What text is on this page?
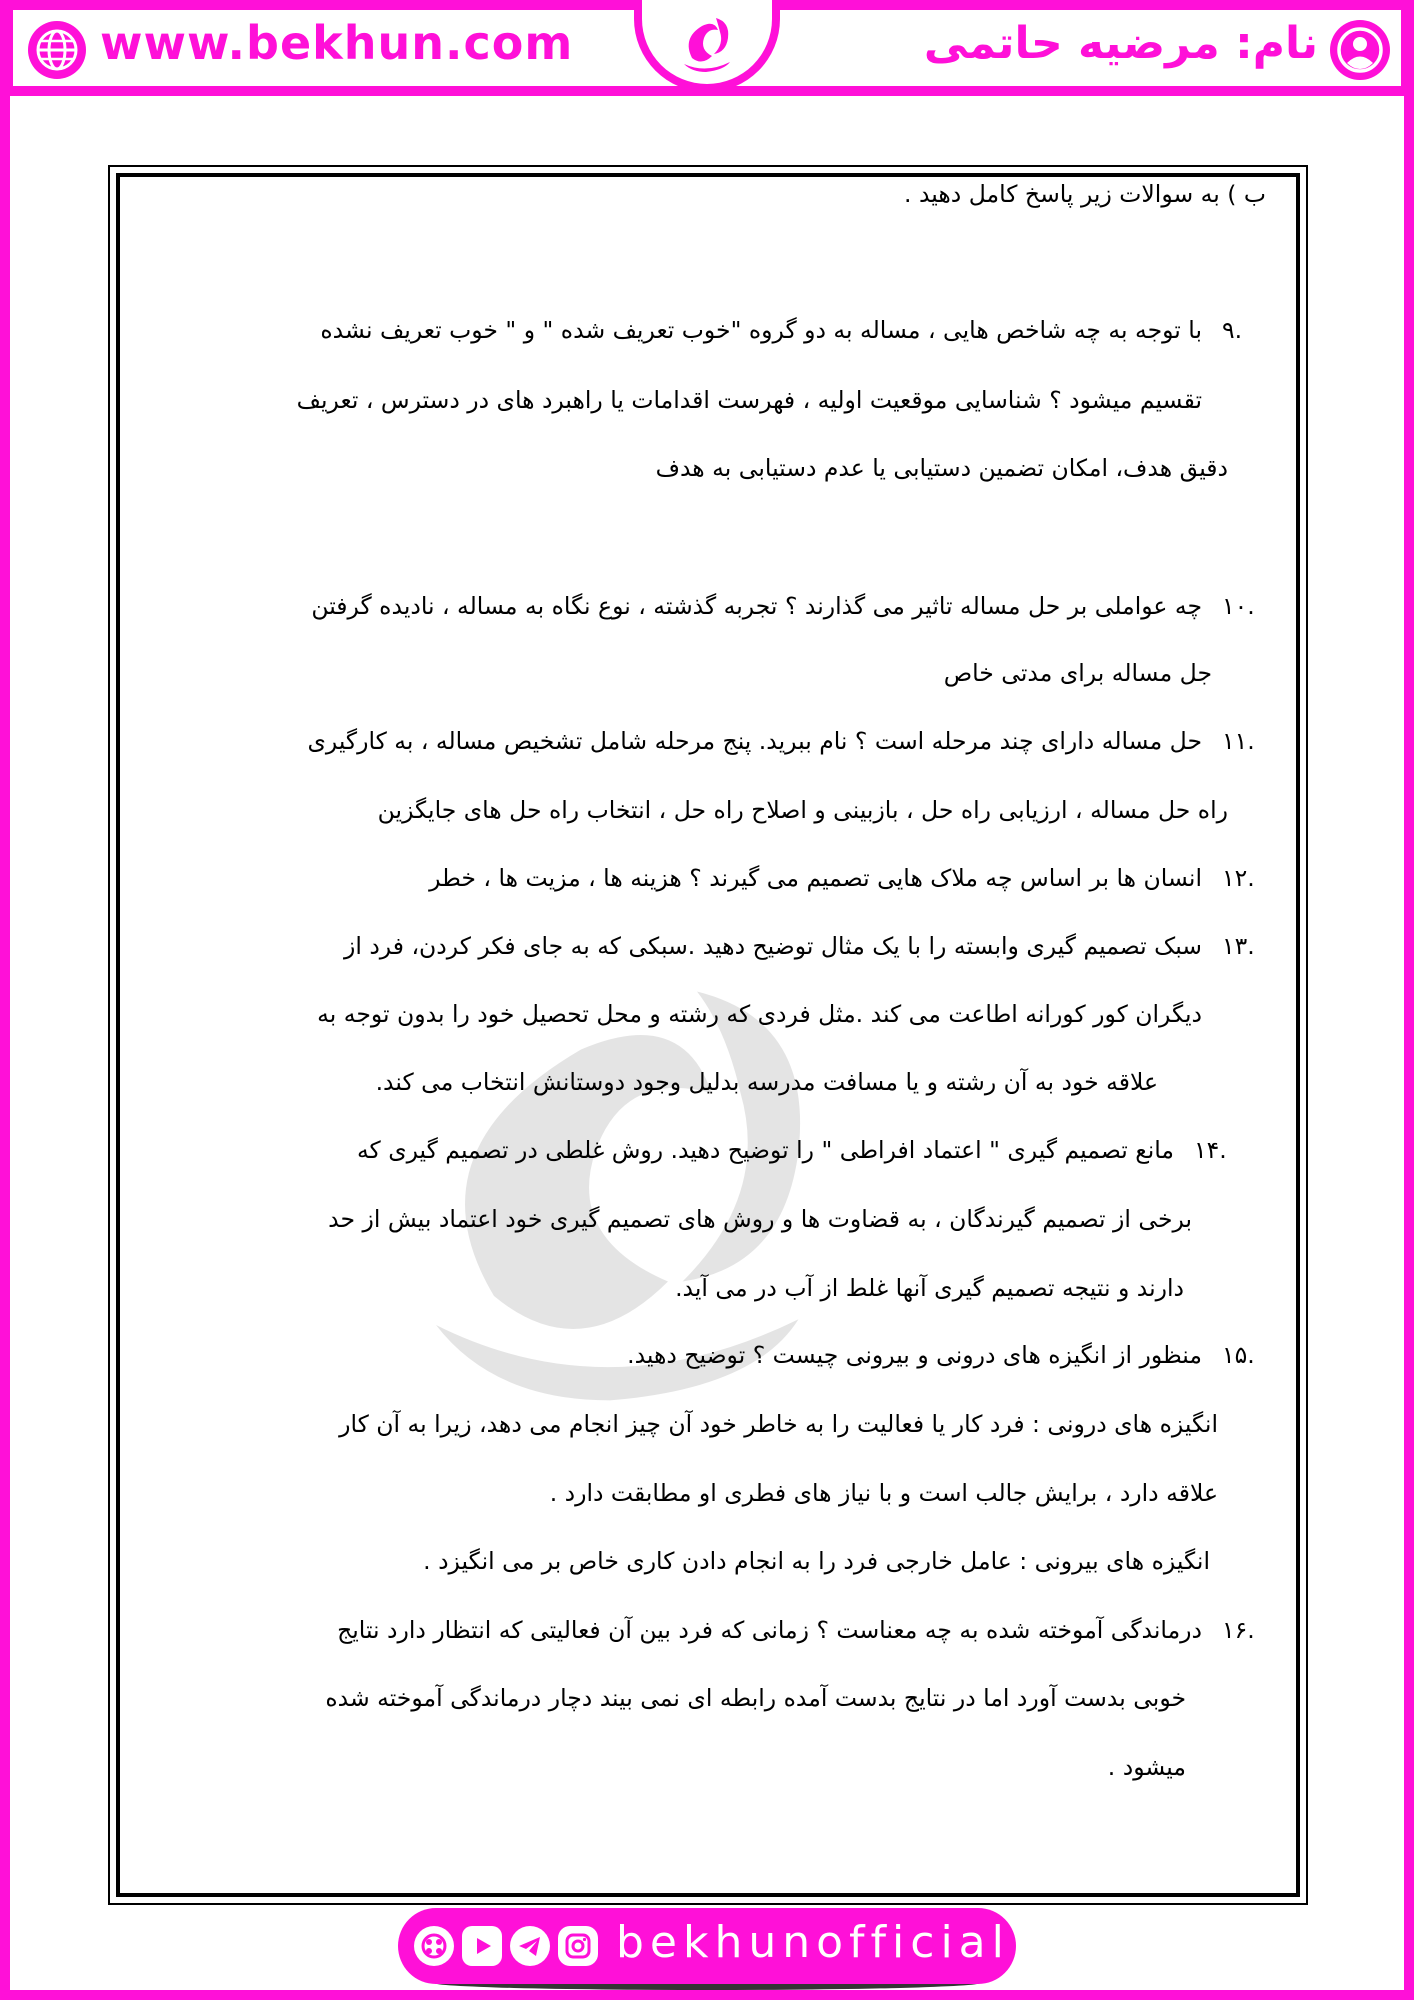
www.bekhun.com	نام: مرضیه حاتمی
ب ) به سوالات زیر پاسخ کامل دهید .
۹.
با توجه به چه شاخص هایی ، مساله به دو گروه "خوب تعریف شده " و " خوب تعریف نشده
تقسیم میشود ؟ شناسایی موقعیت اولیه ، فهرست اقدامات یا راهبرد های در دسترس ، تعریف
دقیق هدف، امکان تضمین دستیابی یا عدم دستیابی به هدف
۱۰.
چه عواملی بر حل مساله تاثیر می گذارند ؟ تجربه گذشته ، نوع نگاه به مساله ، نادیده گرفتن
جل مساله برای مدتی خاص
۱۱.
حل مساله دارای چند مرحله است ؟ نام ببرید. پنج مرحله شامل تشخیص مساله ، به کارگیری
راه حل مساله ، ارزیابی راه حل ، بازبینی و اصلاح راه حل ، انتخاب راه حل های جایگزین
۱۲.
انسان ها بر اساس چه ملاک هایی تصمیم می گیرند ؟ هزینه ها ، مزیت ها ، خطر
۱۳.
سبک تصمیم گیری وابسته را با یک مثال توضیح دهید .سبکی که به جای فکر کردن، فرد از
دیگران کور کورانه اطاعت می کند .مثل فردی که رشته و محل تحصیل خود را بدون توجه به
علاقه خود به آن رشته و یا مسافت مدرسه بدلیل وجود دوستانش انتخاب می کند.
۱۴.
مانع تصمیم گیری " اعتماد افراطی " را توضیح دهید. روش غلطی در تصمیم گیری که
برخی از تصمیم گیرندگان ، به قضاوت ها و روش های تصمیم گیری خود اعتماد بیش از حد
دارند و نتیجه تصمیم گیری آنها غلط از آب در می آید.
۱۵.
منظور از انگیزه های درونی و بیرونی چیست ؟ توضیح دهید.
انگیزه های درونی : فرد کار یا فعالیت را به خاطر خود آن چیز انجام می دهد، زیرا به آن کار
علاقه دارد ، برایش جالب است و با نیاز های فطری او مطابقت دارد .
انگیزه های بیرونی : عامل خارجی فرد را به انجام دادن کاری خاص بر می انگیزد .
۱۶.
درماندگی آموخته شده به چه معناست ؟ زمانی که فرد بین آن فعالیتی که انتظار دارد نتایج
خوبی بدست آورد اما در نتایج بدست آمده رابطه ای نمی بیند دچار درماندگی آموخته شده
میشود .
bekhunofficial
